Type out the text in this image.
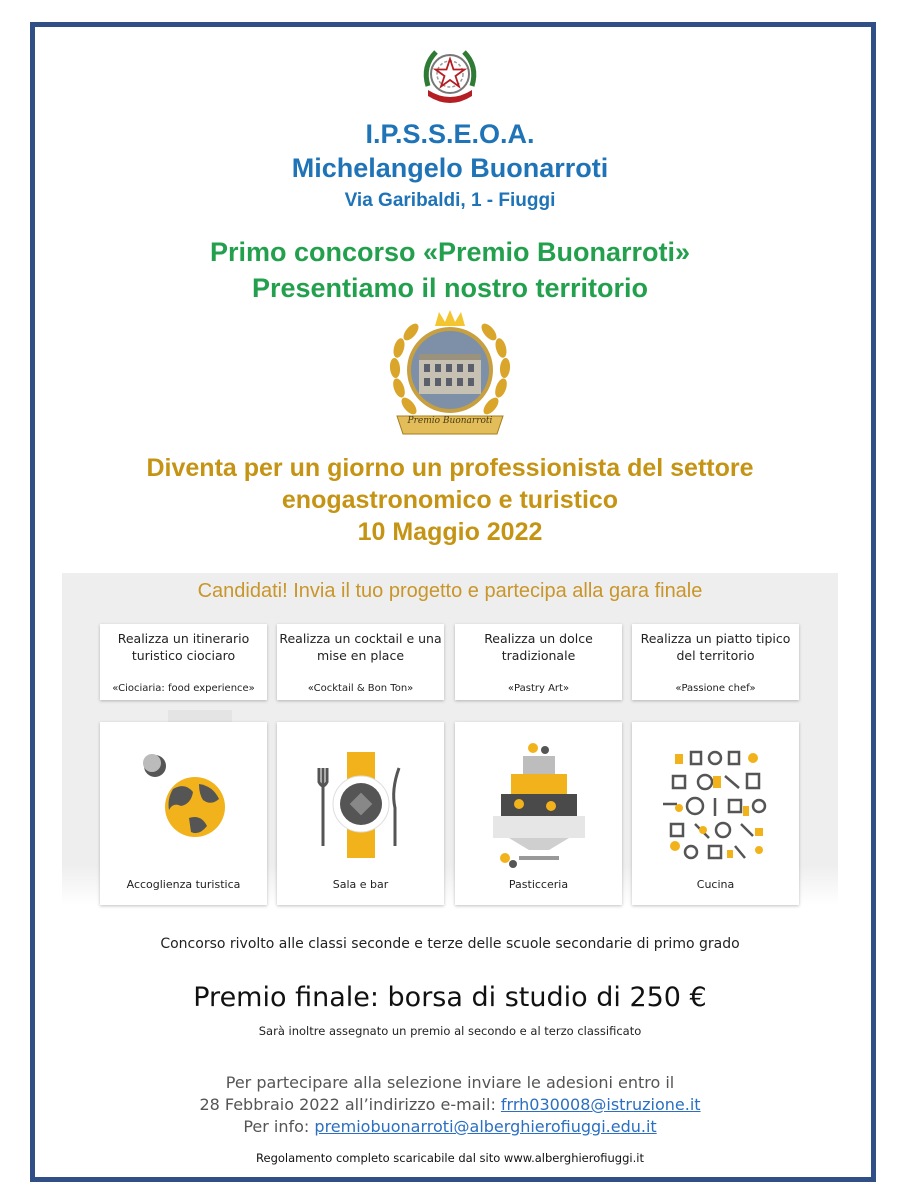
I.P.S.S.E.O.A.
Michelangelo Buonarroti
Via Garibaldi, 1 - Fiuggi
Primo concorso «Premio Buonarroti»
Presentiamo il nostro territorio
Premio Buonarroti
Diventa per un giorno un professionista del settore
enogastronomico e turistico
10 Maggio 2022
Candidati! Invia il tuo progetto e partecipa alla gara finale
Realizza un itinerario
turistico ciociaro
«Ciociaria: food experience»
Realizza un cocktail e una
mise en place
«Cocktail & Bon Ton»
Realizza un dolce
tradizionale
«Pastry Art»
Realizza un piatto tipico
del territorio
«Passione chef»
Accoglienza turistica	Sala e bar	Pasticceria	Cucina
Concorso rivolto alle classi seconde e terze delle scuole secondarie di primo grado
Premio finale: borsa di studio di 250 €
Sarà inoltre assegnato un premio al secondo e al terzo classificato
Per partecipare alla selezione inviare le adesioni entro il
28 Febbraio 2022 all’indirizzo e-mail: frrh030008@istruzione.it
Per info: premiobuonarroti@alberghierofiuggi.edu.it
Regolamento completo scaricabile dal sito www.alberghierofiuggi.it
